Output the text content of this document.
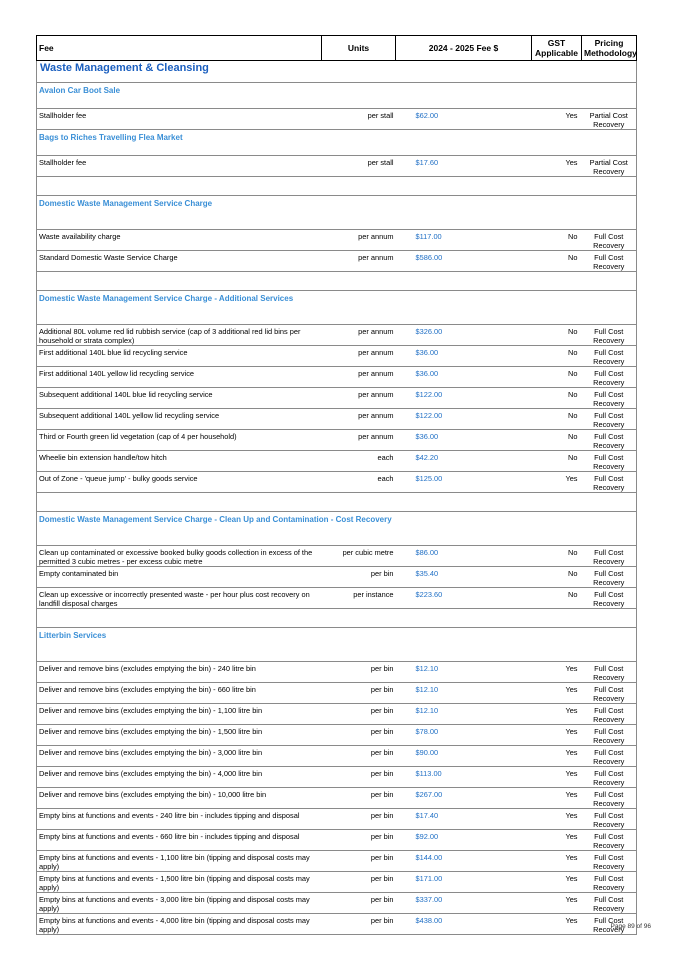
Fee	Units	2024 - 2025 Fee $	GST Applicable	Pricing Methodology
Waste Management & Cleansing				
Avalon Car Boot Sale				
Stallholder fee	per stall	$62.00	Yes	Partial Cost Recovery
Bags to Riches Travelling Flea Market				
Stallholder fee	per stall	$17.60	Yes	Partial Cost Recovery

Domestic Waste Management Service Charge				
Waste availability charge	per annum	$117.00	No	Full Cost Recovery
Standard Domestic Waste Service Charge	per annum	$586.00	No	Full Cost Recovery

Domestic Waste Management Service Charge - Additional Services				
Additional 80L volume red lid rubbish service (cap of 3 additional red lid bins per household or strata complex)	per annum	$326.00	No	Full Cost Recovery
First additional 140L blue lid recycling service	per annum	$36.00	No	Full Cost Recovery
First additional 140L yellow lid recycling service	per annum	$36.00	No	Full Cost Recovery
Subsequent additional 140L blue lid recycling service	per annum	$122.00	No	Full Cost Recovery
Subsequent additional 140L yellow lid recycling service	per annum	$122.00	No	Full Cost Recovery
Third or Fourth green lid vegetation (cap of 4 per household)	per annum	$36.00	No	Full Cost Recovery
Wheelie bin extension handle/tow hitch	each	$42.20	No	Full Cost Recovery
Out of Zone - 'queue jump' - bulky goods service	each	$125.00	Yes	Full Cost Recovery

Domestic Waste Management Service Charge - Clean Up and Contamination - Cost Recovery				
Clean up contaminated or excessive booked bulky goods collection in excess of the permitted 3 cubic metres - per excess cubic metre	per cubic metre	$86.00	No	Full Cost Recovery
Empty contaminated bin	per bin	$35.40	No	Full Cost Recovery
Clean up excessive or incorrectly presented waste - per hour plus cost recovery on landfill disposal charges	per instance	$223.60	No	Full Cost Recovery

Litterbin Services				
Deliver and remove bins (excludes emptying the bin) - 240 litre bin	per bin	$12.10	Yes	Full Cost Recovery
Deliver and remove bins (excludes emptying the bin) - 660 litre bin	per bin	$12.10	Yes	Full Cost Recovery
Deliver and remove bins (excludes emptying the bin) - 1,100 litre bin	per bin	$12.10	Yes	Full Cost Recovery
Deliver and remove bins (excludes emptying the bin) - 1,500 litre bin	per bin	$78.00	Yes	Full Cost Recovery
Deliver and remove bins (excludes emptying the bin) - 3,000 litre bin	per bin	$90.00	Yes	Full Cost Recovery
Deliver and remove bins (excludes emptying the bin) - 4,000 litre bin	per bin	$113.00	Yes	Full Cost Recovery
Deliver and remove bins (excludes emptying the bin) - 10,000 litre bin	per bin	$267.00	Yes	Full Cost Recovery
Empty bins at functions and events - 240 litre bin - includes tipping and disposal	per bin	$17.40	Yes	Full Cost Recovery
Empty bins at functions and events - 660 litre bin - includes tipping and disposal	per bin	$92.00	Yes	Full Cost Recovery
Empty bins at functions and events - 1,100 litre bin (tipping and disposal costs may apply)	per bin	$144.00	Yes	Full Cost Recovery
Empty bins at functions and events - 1,500 litre bin (tipping and disposal costs may apply)	per bin	$171.00	Yes	Full Cost Recovery
Empty bins at functions and events - 3,000 litre bin (tipping and disposal costs may apply)	per bin	$337.00	Yes	Full Cost Recovery
Empty bins at functions and events - 4,000 litre bin (tipping and disposal costs may apply)	per bin	$438.00	Yes	Full Cost Recovery
Page 89 of 96
